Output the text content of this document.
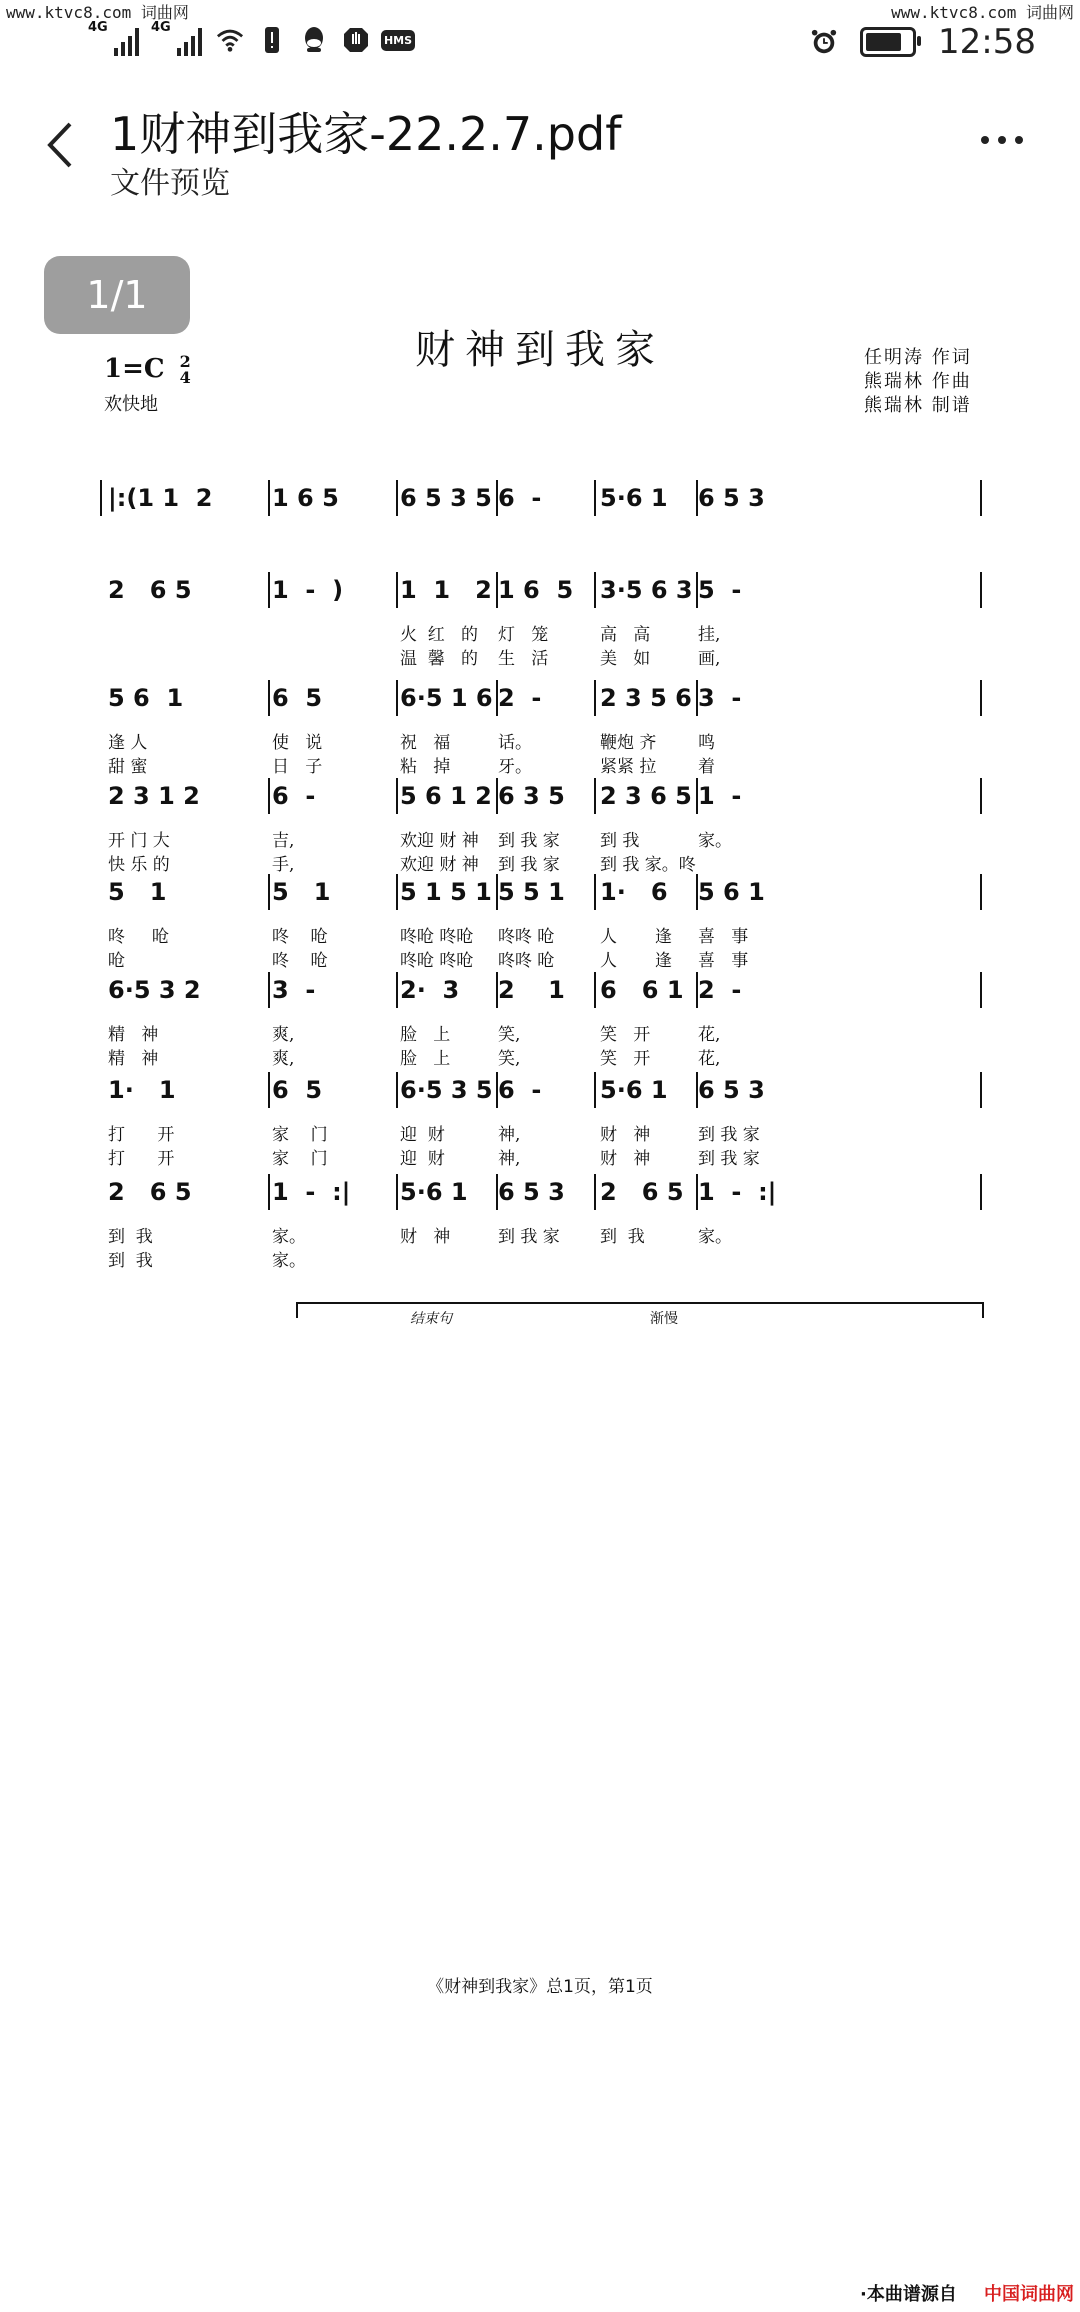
www.ktvc8.com 词曲网	www.ktvc8.com 词曲网
4G	4G
HMS	12:58
1财神到我家-22.2.7.pdf
文件预览
财神到我家
1=C 2
4
欢快地
任明涛 作词
熊瑞林 作曲
熊瑞林 制谱
|:(1 1  2 1 6 5	6 5 3 5 6  - 5·6 1 6 5 3
2   6 5	1  -  ) 1  1   2 1 6  5 3·5 6 3 5  -
火  红   的 灯   笼	高   高	挂,
温  馨   的 生   活	美   如	画,
5 6  1	6  5	6·5 1 6 2  - 2 3 5 6 3  -
逢 人	使   说	祝   福	话。	鞭炮 齐 鸣
甜 蜜	日   子	粘   掉	牙。	紧紧 拉 着
2 3 1 2	6  -	5 6 1 2 6 3 5 2 3 6 5 1  -
开 门 大	吉,	欢迎 财 神 到 我 家 到 我	家。
快 乐 的	手,	欢迎 财 神 到 我 家 到 我 家。咚
5   1	5   1	5 1 5 1 5 5 1 1·   6 5 6 1
咚     呛	咚    呛	咚呛 咚呛 咚咚 呛	人       逢 喜   事
呛	咚    呛	咚呛 咚呛 咚咚 呛	人       逢 喜   事
6·5 3 2	3  -	2·  3 2    1 6   6 1 2  -
精   神	爽,	脸   上	笑,	笑   开	花,
精   神	爽,	脸   上	笑,	笑   开	花,
1·   1	6  5	6·5 3 5 6  - 5·6 1 6 5 3
打      开	家    门	迎  财	神,	财   神	到 我 家
打      开	家    门	迎  财	神,	财   神	到 我 家
2   6 5	1  -  :| 5·6 1 6 5 3 2   6 5 1  -  :|
到  我	家。	财   神	到 我 家 到  我	家。
到  我	家。
结束句	渐慢
《财神到我家》总1页，第1页
1/1
·本曲谱源自 中国词曲网
